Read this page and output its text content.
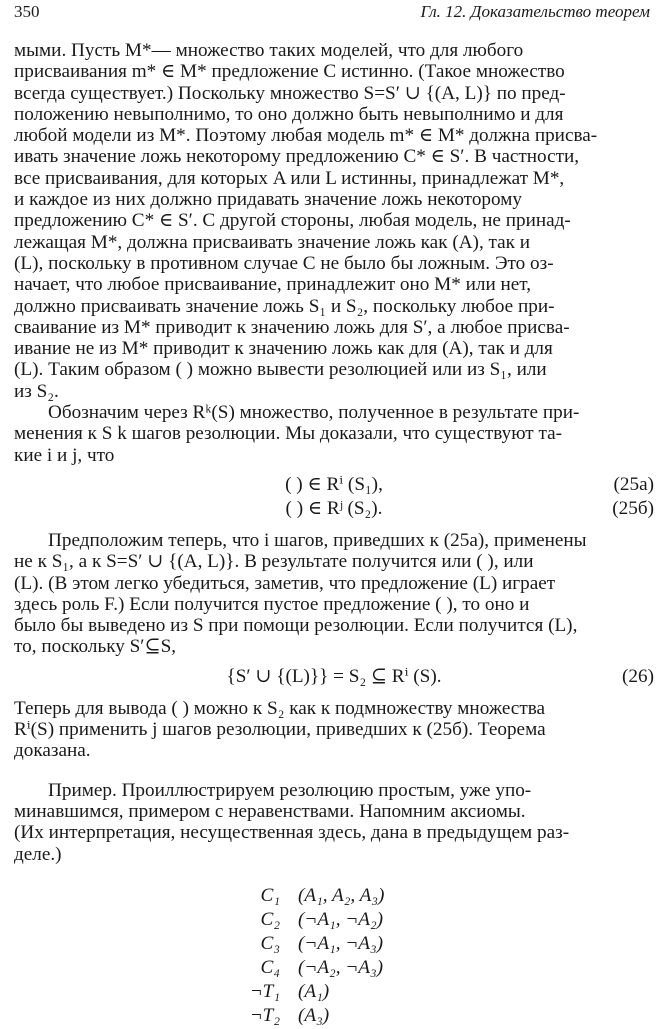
350	Гл. 12. Доказательство теорем

мыми. Пусть M*— множество таких моделей, что для любого
присваивания m* ∈ M* предложение C истинно. (Такое множество
всегда существует.) Поскольку множество S=S′ ∪ {(A, L)} по пред-
положению невыполнимо, то оно должно быть невыполнимо и для
любой модели из M*. Поэтому любая модель m* ∈ M* должна присва-
ивать значение ложь некоторому предложению C* ∈ S′. В частности,
все присваивания, для которых A или L истинны, принадлежат M*,
и каждое из них должно придавать значение ложь некоторому
предложению C* ∈ S′. С другой стороны, любая модель, не принад-
лежащая M*, должна присваивать значение ложь как (A), так и
(L), поскольку в противном случае C не было бы ложным. Это оз-
начает, что любое присваивание, принадлежит оно M* или нет,
должно присваивать значение ложь S₁ и S₂, поскольку любое при-
сваивание из M* приводит к значению ложь для S′, а любое присва-
ивание не из M* приводит к значению ложь как для (A), так и для
(L). Таким образом ( ) можно вывести резолюцией или из S₁, или
из S₂.

Обозначим через Rᵏ(S) множество, полученное в результате при-
менения к S k шагов резолюции. Мы доказали, что существуют та-
кие i и j, что

( ) ∈ Rⁱ (S₁),	(25а)
( ) ∈ Rʲ (S₂).	(25б)

Предположим теперь, что i шагов, приведших к (25а), применены
не к S₁, а к S=S′ ∪ {(A, L)}. В результате получится или ( ), или
(L). (В этом легко убедиться, заметив, что предложение (L) играет
здесь роль F.) Если получится пустое предложение ( ), то оно и
было бы выведено из S при помощи резолюции. Если получится (L),
то, поскольку S′⊆S,

{S′ ∪ {(L)}} = S₂ ⊆ Rⁱ (S).	(26)

Теперь для вывода ( ) можно к S₂ как к подмножеству множества
Rⁱ(S) применить j шагов резолюции, приведших к (25б). Теорема
доказана.

Пример. Проиллюстрируем резолюцию простым, уже упо-
минавшимся, примером с неравенствами. Напомним аксиомы.
(Их интерпретация, несущественная здесь, дана в предыдущем раз-
деле.)

C₁ (A₁, A₂, A₃)
C₂ (¬A₁, ¬A₂)
C₃ (¬A₁, ¬A₃)
C₄ (¬A₂, ¬A₃)
¬T₁ (A₁)
¬T₂ (A₃)
